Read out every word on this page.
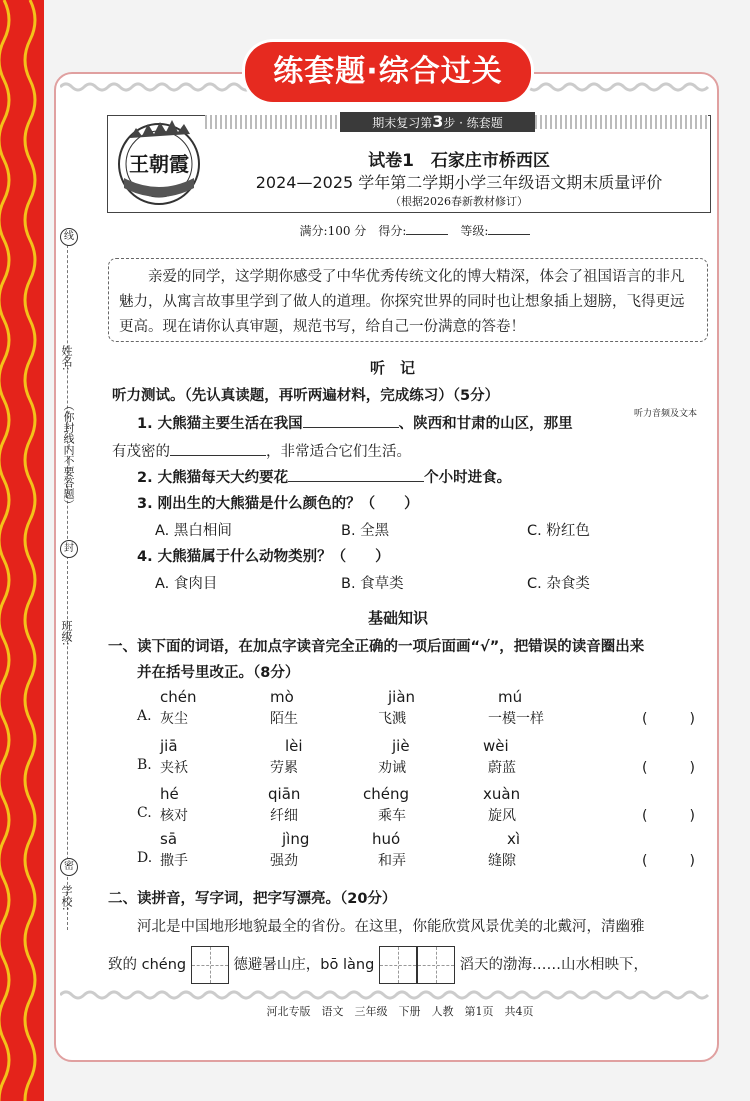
练套题·综合过关
线
姓名:
（你封线内不要答题）
封
班级:
密
学校:
期末复习第3步 · 练套题
王朝霞	试卷1　石家庄市桥西区
2024—2025 学年第二学期小学三年级语文期末质量评价
（根据2026春新教材修订）
满分:100 分　 得分:　	等级:
亲爱的同学，这学期你感受了中华优秀传统文化的博大精深，体会了祖国语言的非凡魅力，从寓言故事里学到了做人的道理。你探究世界的同时也让想象插上翅膀，飞得更远更高。现在请你认真审题，规范书写，给自己一份满意的答卷！
听　记
听力测试。（先认真读题，再听两遍材料，完成练习）（5分）
听力音频及文本
1. 大熊猫主要生活在我国	、陕西和甘肃的山区，那里
有茂密的	，非常适合它们生活。
2. 大熊猫每天大约要花	个小时进食。
3. 刚出生的大熊猫是什么颜色的？（　　）
A. 黑白相间	B. 全黑	C. 粉红色
4. 大熊猫属于什么动物类别？（　　）
A. 食肉目	B. 食草类	C. 杂食类
基础知识
一、读下面的词语，在加点字读音完全正确的一项后面画“√”，把错误的读音圈出来
并在括号里改正。（8分）
chén	mò	jiàn	mú
A. 灰尘	陌生	飞溅	一模一样	(　　　)
jiā	lèi	jiè	wèi
B. 夹袄	劳累	劝诫	蔚蓝	(　　　)
hé	qiān	chéng	xuàn
C. 核对	纤细	乘车	旋风	(　　　)
sā	jìng	huó	xì
D. 撒手	强劲	和弄	缝隙	(　　　)
二、读拼音，写字词，把字写漂亮。（20分）
河北是中国地形地貌最全的省份。在这里，你能欣赏风景优美的北戴河，清幽雅
致的 chéng	德避暑山庄，bō làng	滔天的渤海……山水相映下，
河北专版　语文　三年级　下册　人教　第1页　共4页
